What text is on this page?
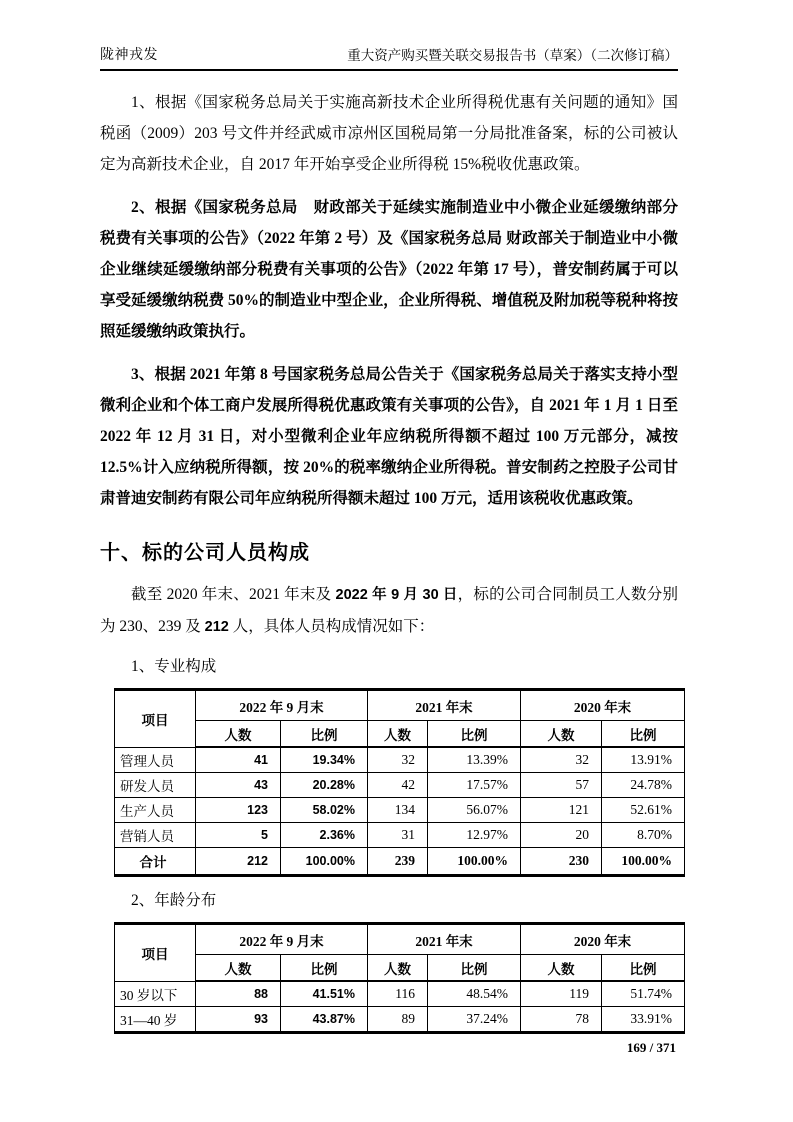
陇神戎发	重大资产购买暨关联交易报告书（草案）（二次修订稿）

1、根据《国家税务总局关于实施高新技术企业所得税优惠有关问题的通知》国税函（2009）203 号文件并经武威市凉州区国税局第一分局批准备案，标的公司被认定为高新技术企业，自 2017 年开始享受企业所得税 15%税收优惠政策。

2、根据《国家税务总局　财政部关于延续实施制造业中小微企业延缓缴纳部分税费有关事项的公告》（2022 年第 2 号）及《国家税务总局 财政部关于制造业中小微企业继续延缓缴纳部分税费有关事项的公告》（2022 年第 17 号），普安制药属于可以享受延缓缴纳税费 50%的制造业中型企业，企业所得税、增值税及附加税等税种将按照延缓缴纳政策执行。

3、根据 2021 年第 8 号国家税务总局公告关于《国家税务总局关于落实支持小型微利企业和个体工商户发展所得税优惠政策有关事项的公告》，自 2021 年 1 月 1 日至 2022 年 12 月 31 日，对小型微利企业年应纳税所得额不超过 100 万元部分，减按 12.5%计入应纳税所得额，按 20%的税率缴纳企业所得税。普安制药之控股子公司甘肃普迪安制药有限公司年应纳税所得额未超过 100 万元，适用该税收优惠政策。

十、标的公司人员构成

截至 2020 年末、2021 年末及 2022 年 9 月 30 日，标的公司合同制员工人数分别为 230、239 及 212 人，具体人员构成情况如下：

1、专业构成
项目	2022 年 9 月末		2021 年末		2020 年末	
	人数	比例	人数	比例	人数	比例
管理人员	41	19.34%	32	13.39%	32	13.91%
研发人员	43	20.28%	42	17.57%	57	24.78%
生产人员	123	58.02%	134	56.07%	121	52.61%
营销人员	5	2.36%	31	12.97%	20	8.70%
合计	212	100.00%	239	100.00%	230	100.00%
2、年龄分布
项目	2022 年 9 月末		2021 年末		2020 年末	
	人数	比例	人数	比例	人数	比例
30 岁以下	88	41.51%	116	48.54%	119	51.74%
31—40 岁	93	43.87%	89	37.24%	78	33.91%
169 / 371
